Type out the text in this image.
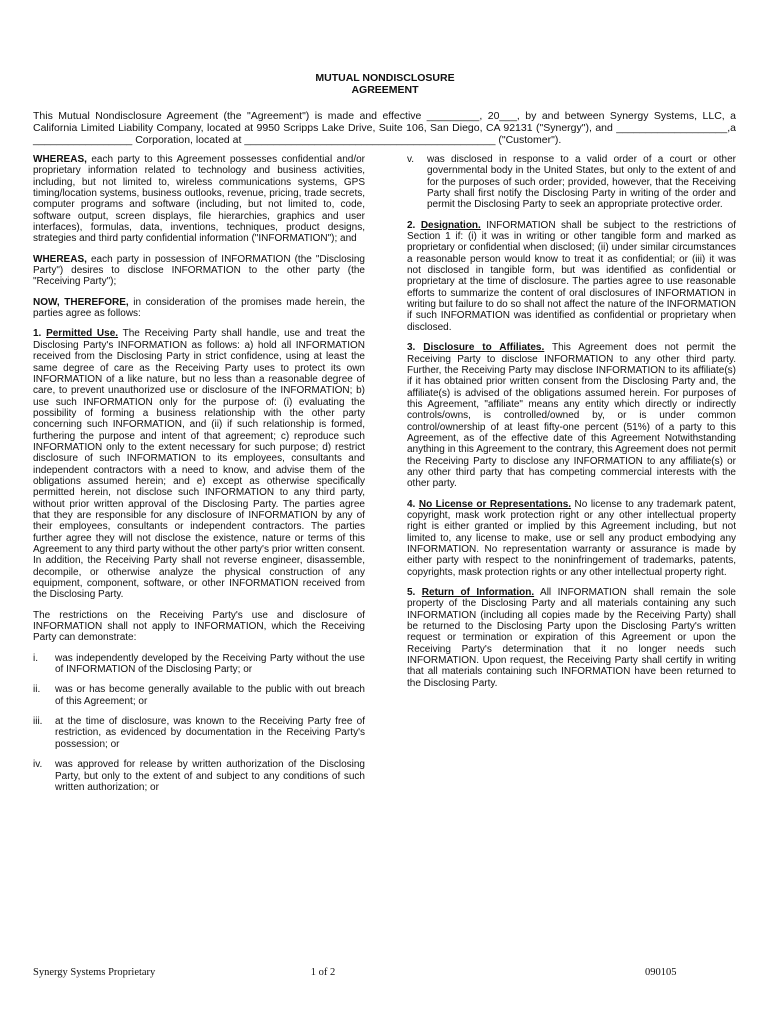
MUTUAL NONDISCLOSURE
AGREEMENT
This Mutual Nondisclosure Agreement (the "Agreement") is made and effective _________, 20___, by and between Synergy Systems, LLC, a California Limited Liability Company, located at 9950 Scripps Lake Drive, Suite 106, San Diego, CA 92131 ("Synergy"), and ___________________,a _________________ Corporation, located at ___________________________________________ ("Customer").

WHEREAS, each party to this Agreement possesses confidential and/or proprietary information related to technology and business activities, including, but not limited to, wireless communications systems, GPS timing/location systems, business outlooks, revenue, pricing, trade secrets, computer programs and software (including, but not limited to, code, software output, screen displays, file hierarchies, graphics and user interfaces), formulas, data, inventions, techniques, product designs, strategies and third party confidential information ("INFORMATION"); and

WHEREAS, each party in possession of INFORMATION (the "Disclosing Party") desires to disclose INFORMATION to the other party (the "Receiving Party");

NOW, THEREFORE, in consideration of the promises made herein, the parties agree as follows:

1. Permitted Use. The Receiving Party shall handle, use and treat the Disclosing Party's INFORMATION as follows: a) hold all INFORMATION received from the Disclosing Party in strict confidence, using at least the same degree of care as the Receiving Party uses to protect its own INFORMATION of a like nature, but no less than a reasonable degree of care, to prevent unauthorized use or disclosure of the INFORMATION; b) use such INFORMATION only for the purpose of: (i) evaluating the possibility of forming a business relationship with the other party concerning such INFORMATION, and (ii) if such relationship is formed, furthering the purpose and intent of that agreement; c) reproduce such INFORMATION only to the extent necessary for such purpose; d) restrict disclosure of such INFORMATION to its employees, consultants and independent contractors with a need to know, and advise them of the obligations assumed herein; and e) except as otherwise specifically permitted herein, not disclose such INFORMATION to any third party, without prior written approval of the Disclosing Party. The parties agree that they are responsible for any disclosure of INFORMATION by any of their employees, consultants or independent contractors. The parties further agree they will not disclose the existence, nature or terms of this Agreement to any third party without the other party's prior written consent. In addition, the Receiving Party shall not reverse engineer, disassemble, decompile, or otherwise analyze the physical construction of any equipment, component, software, or other INFORMATION received from the Disclosing Party.

The restrictions on the Receiving Party's use and disclosure of INFORMATION shall not apply to INFORMATION, which the Receiving Party can demonstrate:

i.	was independently developed by the Receiving Party without the use of INFORMATION of the Disclosing Party; or
ii.	was or has become generally available to the public with out breach of this Agreement; or
iii.	at the time of disclosure, was known to the Receiving Party free of restriction, as evidenced by documentation in the Receiving Party's possession; or
iv.	was approved for release by written authorization of the Disclosing Party, but only to the extent of and subject to any conditions of such written authorization; or
v.	was disclosed in response to a valid order of a court or other governmental body in the United States, but only to the extent of and for the purposes of such order; provided, however, that the Receiving Party shall first notify the Disclosing Party in writing of the order and permit the Disclosing Party to seek an appropriate protective order.

2. Designation. INFORMATION shall be subject to the restrictions of Section 1 if: (i) it was in writing or other tangible form and marked as proprietary or confidential when disclosed; (ii) under similar circumstances a reasonable person would know to treat it as confidential; or (iii) it was not disclosed in tangible form, but was identified as confidential or proprietary at the time of disclosure. The parties agree to use reasonable efforts to summarize the content of oral disclosures of INFORMATION in writing but failure to do so shall not affect the nature of the INFORMATION if such INFORMATION was identified as confidential or proprietary when disclosed.

3. Disclosure to Affiliates. This Agreement does not permit the Receiving Party to disclose INFORMATION to any other third party. Further, the Receiving Party may disclose INFORMATION to its affiliate(s) if it has obtained prior written consent from the Disclosing Party and, the affiliate(s) is advised of the obligations assumed herein. For purposes of this Agreement, "affiliate" means any entity which directly or indirectly controls/owns, is controlled/owned by, or is under common control/ownership of at least fifty-one percent (51%) of a party to this Agreement, as of the effective date of this Agreement Notwithstanding anything in this Agreement to the contrary, this Agreement does not permit the Receiving Party to disclose any INFORMATION to any affiliate(s) or any other third party that has competing commercial interests with the other party.

4. No License or Representations. No license to any trademark patent, copyright, mask work protection right or any other intellectual property right is either granted or implied by this Agreement including, but not limited to, any license to make, use or sell any product embodying any INFORMATION. No representation warranty or assurance is made by either party with respect to the noninfringement of trademarks, patents, copyrights, mask protection rights or any other intellectual property right.

5. Return of Information. All INFORMATION shall remain the sole property of the Disclosing Party and all materials containing any such INFORMATION (including all copies made by the Receiving Party) shall be returned to the Disclosing Party upon the Disclosing Party's written request or termination or expiration of this Agreement or upon the Receiving Party's determination that it no longer needs such INFORMATION. Upon request, the Receiving Party shall certify in writing that all materials containing such INFORMATION have been returned to the Disclosing Party.

Synergy Systems Proprietary	1 of 2	090105
